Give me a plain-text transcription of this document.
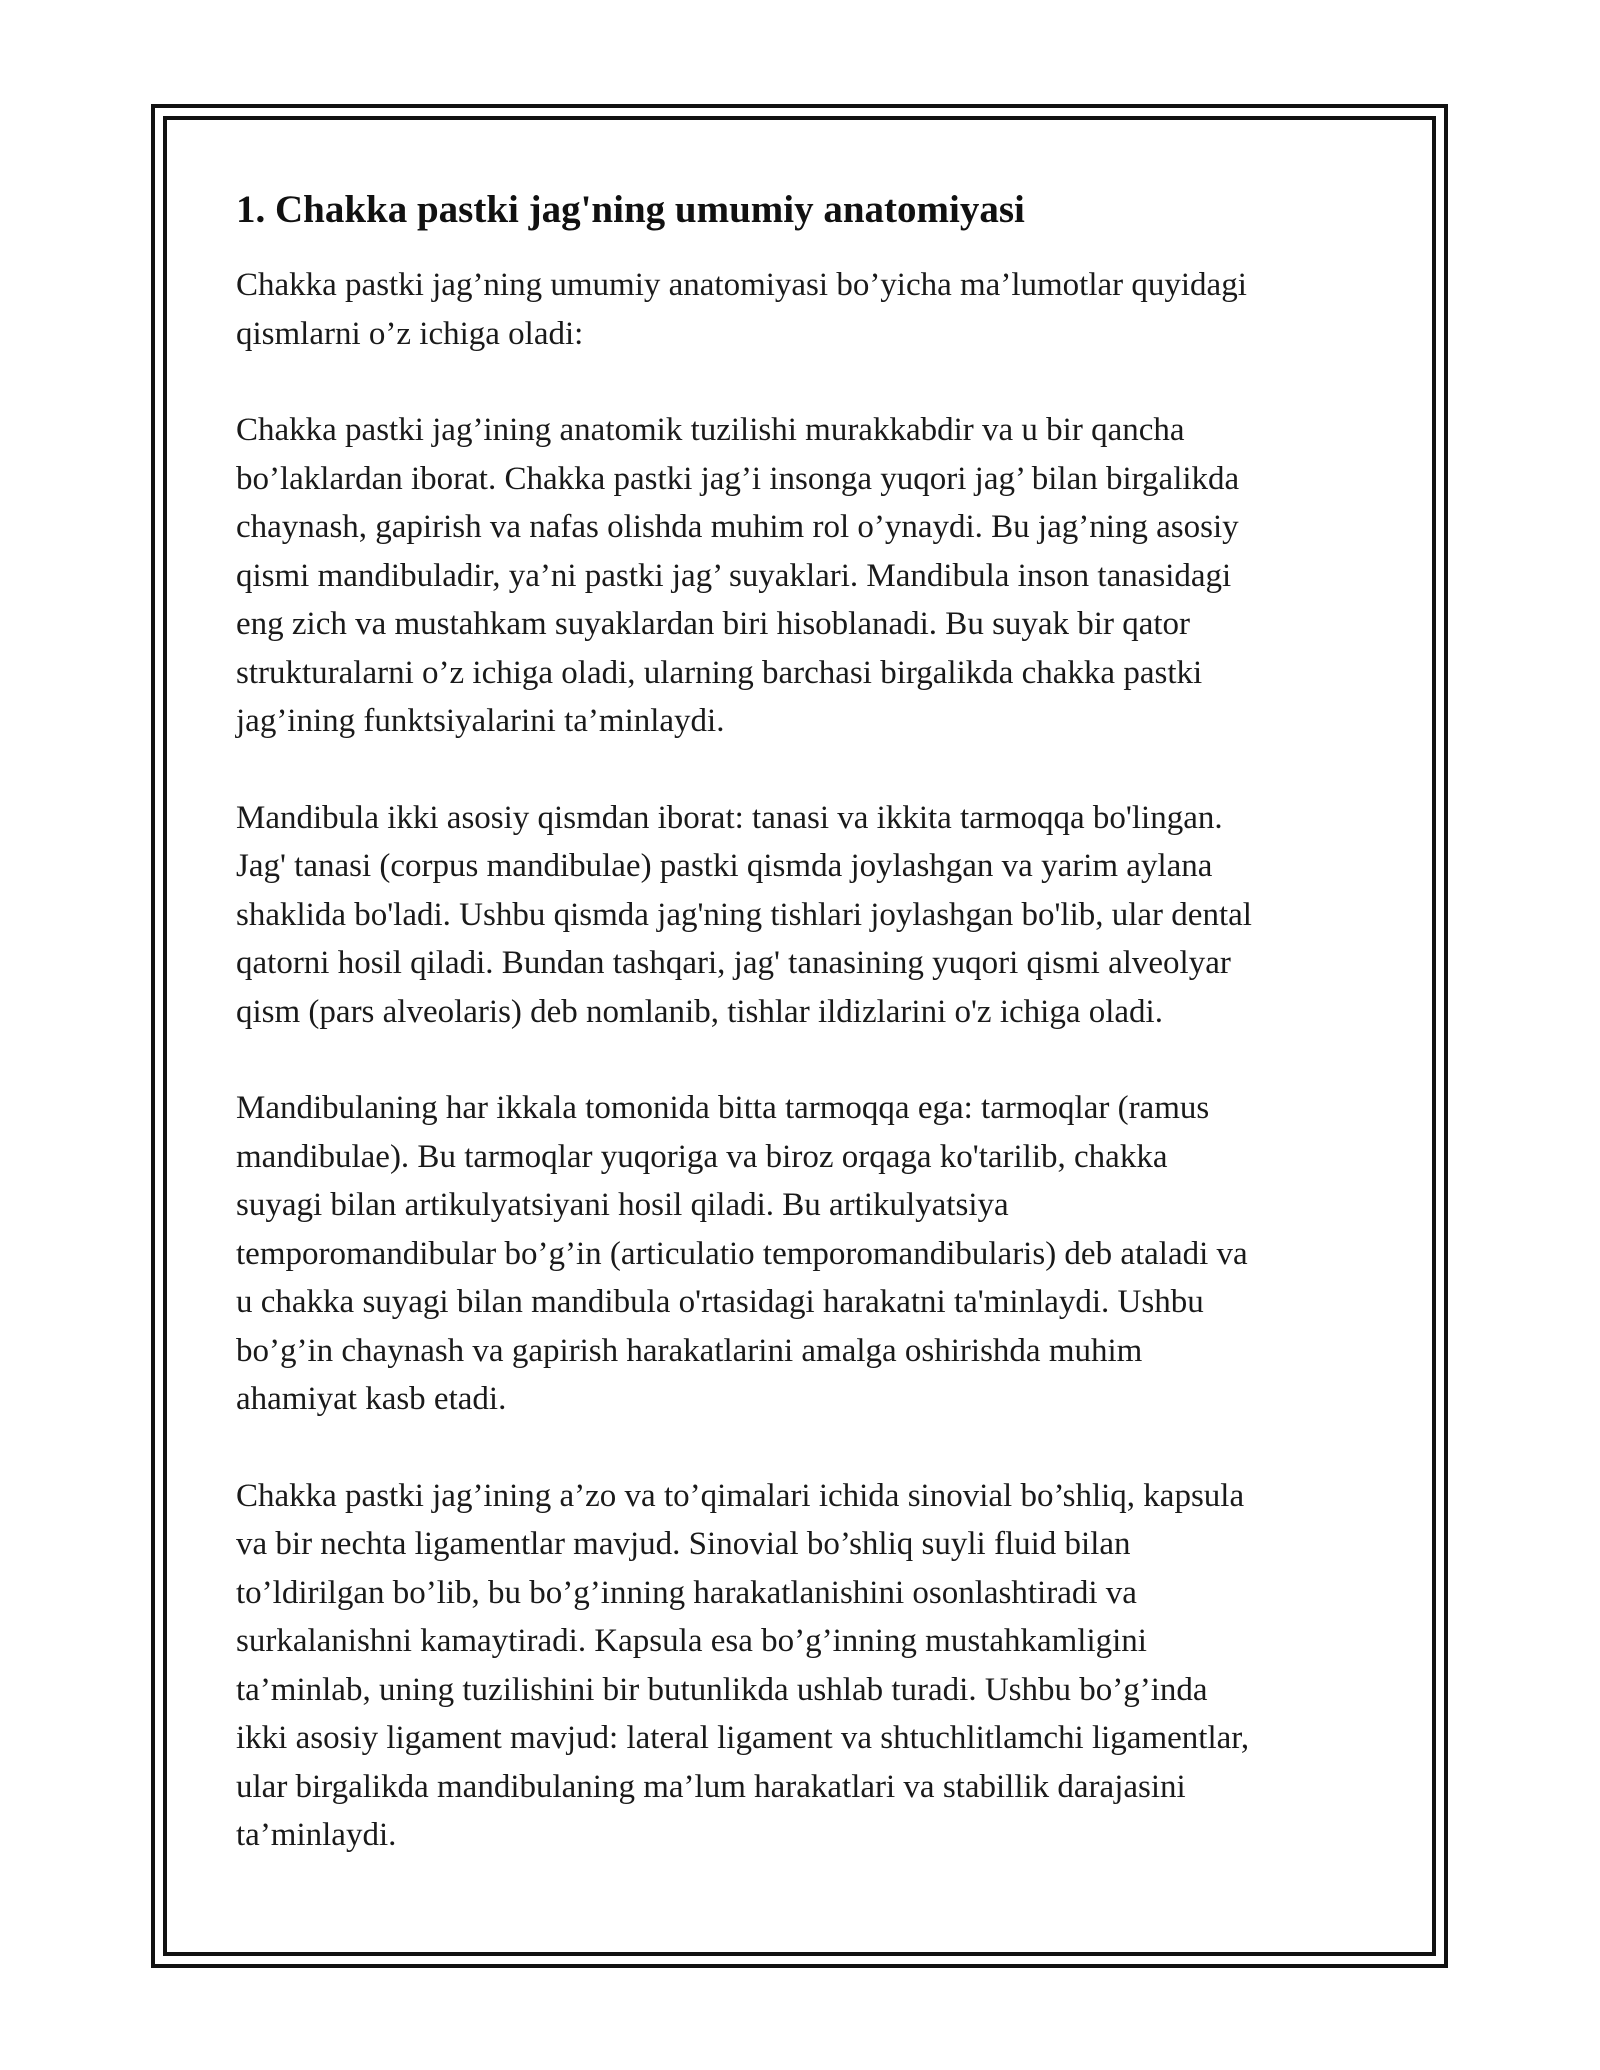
1. Chakka pastki jag'ning umumiy anatomiyasi

Chakka pastki jag’ning umumiy anatomiyasi bo’yicha ma’lumotlar quyidagi
qismlarni o’z ichiga oladi:

Chakka pastki jag’ining anatomik tuzilishi murakkabdir va u bir qancha
bo’laklardan iborat. Chakka pastki jag’i insonga yuqori jag’ bilan birgalikda
chaynash, gapirish va nafas olishda muhim rol o’ynaydi. Bu jag’ning asosiy
qismi mandibuladir, ya’ni pastki jag’ suyaklari. Mandibula inson tanasidagi
eng zich va mustahkam suyaklardan biri hisoblanadi. Bu suyak bir qator
strukturalarni o’z ichiga oladi, ularning barchasi birgalikda chakka pastki
jag’ining funktsiyalarini ta’minlaydi.

Mandibula ikki asosiy qismdan iborat: tanasi va ikkita tarmoqqa bo'lingan.
Jag' tanasi (corpus mandibulae) pastki qismda joylashgan va yarim aylana
shaklida bo'ladi. Ushbu qismda jag'ning tishlari joylashgan bo'lib, ular dental
qatorni hosil qiladi. Bundan tashqari, jag' tanasining yuqori qismi alveolyar
qism (pars alveolaris) deb nomlanib, tishlar ildizlarini o'z ichiga oladi.

Mandibulaning har ikkala tomonida bitta tarmoqqa ega: tarmoqlar (ramus
mandibulae). Bu tarmoqlar yuqoriga va biroz orqaga ko'tarilib, chakka
suyagi bilan artikulyatsiyani hosil qiladi. Bu artikulyatsiya
temporomandibular bo’g’in (articulatio temporomandibularis) deb ataladi va
u chakka suyagi bilan mandibula o'rtasidagi harakatni ta'minlaydi. Ushbu
bo’g’in chaynash va gapirish harakatlarini amalga oshirishda muhim
ahamiyat kasb etadi.

Chakka pastki jag’ining a’zo va to’qimalari ichida sinovial bo’shliq, kapsula
va bir nechta ligamentlar mavjud. Sinovial bo’shliq suyli fluid bilan
to’ldirilgan bo’lib, bu bo’g’inning harakatlanishini osonlashtiradi va
surkalanishni kamaytiradi. Kapsula esa bo’g’inning mustahkamligini
ta’minlab, uning tuzilishini bir butunlikda ushlab turadi. Ushbu bo’g’inda
ikki asosiy ligament mavjud: lateral ligament va shtuchlitlamchi ligamentlar,
ular birgalikda mandibulaning ma’lum harakatlari va stabillik darajasini
ta’minlaydi.
